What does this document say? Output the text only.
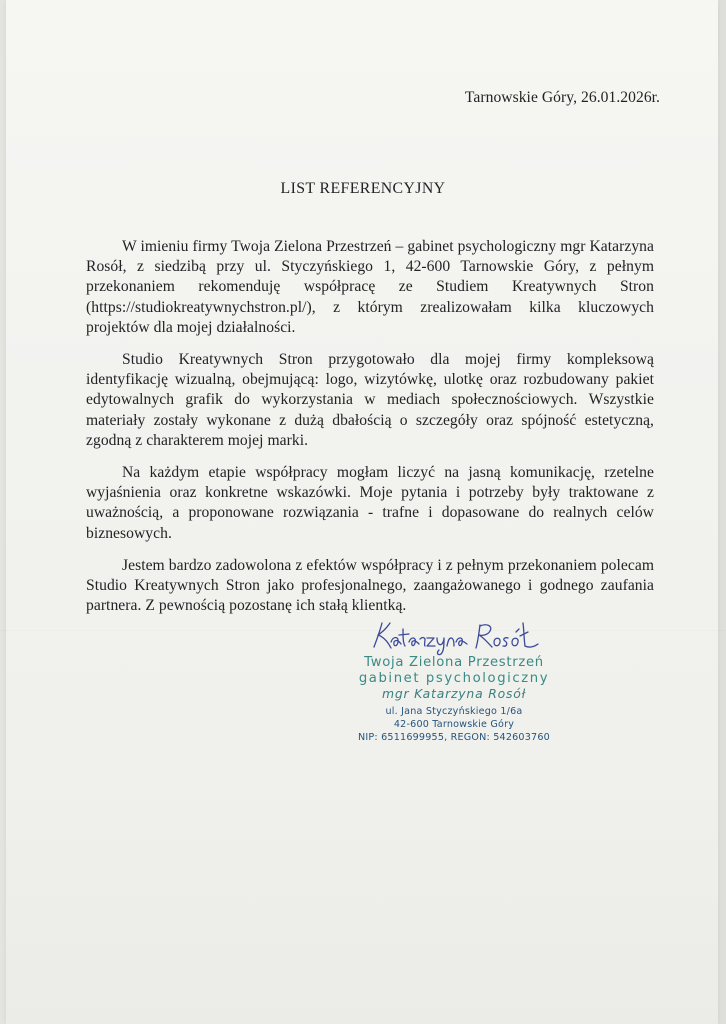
Tarnowskie Góry, 26.01.2026r.
LIST REFERENCYJNY

W imieniu firmy Twoja Zielona Przestrzeń – gabinet psychologiczny mgr Katarzyna Rosół, z siedzibą przy ul. Styczyńskiego 1, 42-600 Tarnowskie Góry, z pełnym przekonaniem rekomenduję współpracę ze Studiem Kreatywnych Stron (https://studiokreatywnychstron.pl/), z którym zrealizowałam kilka kluczowych projektów dla mojej działalności.

Studio Kreatywnych Stron przygotowało dla mojej firmy kompleksową identyfikację wizualną, obejmującą: logo, wizytówkę, ulotkę oraz rozbudowany pakiet edytowalnych grafik do wykorzystania w mediach społecznościowych. Wszystkie materiały zostały wykonane z dużą dbałością o szczegóły oraz spójność estetyczną, zgodną z charakterem mojej marki.

Na każdym etapie współpracy mogłam liczyć na jasną komunikację, rzetelne wyjaśnienia oraz konkretne wskazówki. Moje pytania i potrzeby były traktowane z uważnością, a proponowane rozwiązania - trafne i dopasowane do realnych celów biznesowych.

Jestem bardzo zadowolona z efektów współpracy i z pełnym przekonaniem polecam Studio Kreatywnych Stron jako profesjonalnego, zaangażowanego i godnego zaufania partnera. Z pewnością pozostanę ich stałą klientką.

Twoja Zielona Przestrzeń
gabinet psychologiczny
mgr Katarzyna Rosół
ul. Jana Styczyńskiego 1/6a
42-600 Tarnowskie Góry
NIP: 6511699955, REGON: 542603760
